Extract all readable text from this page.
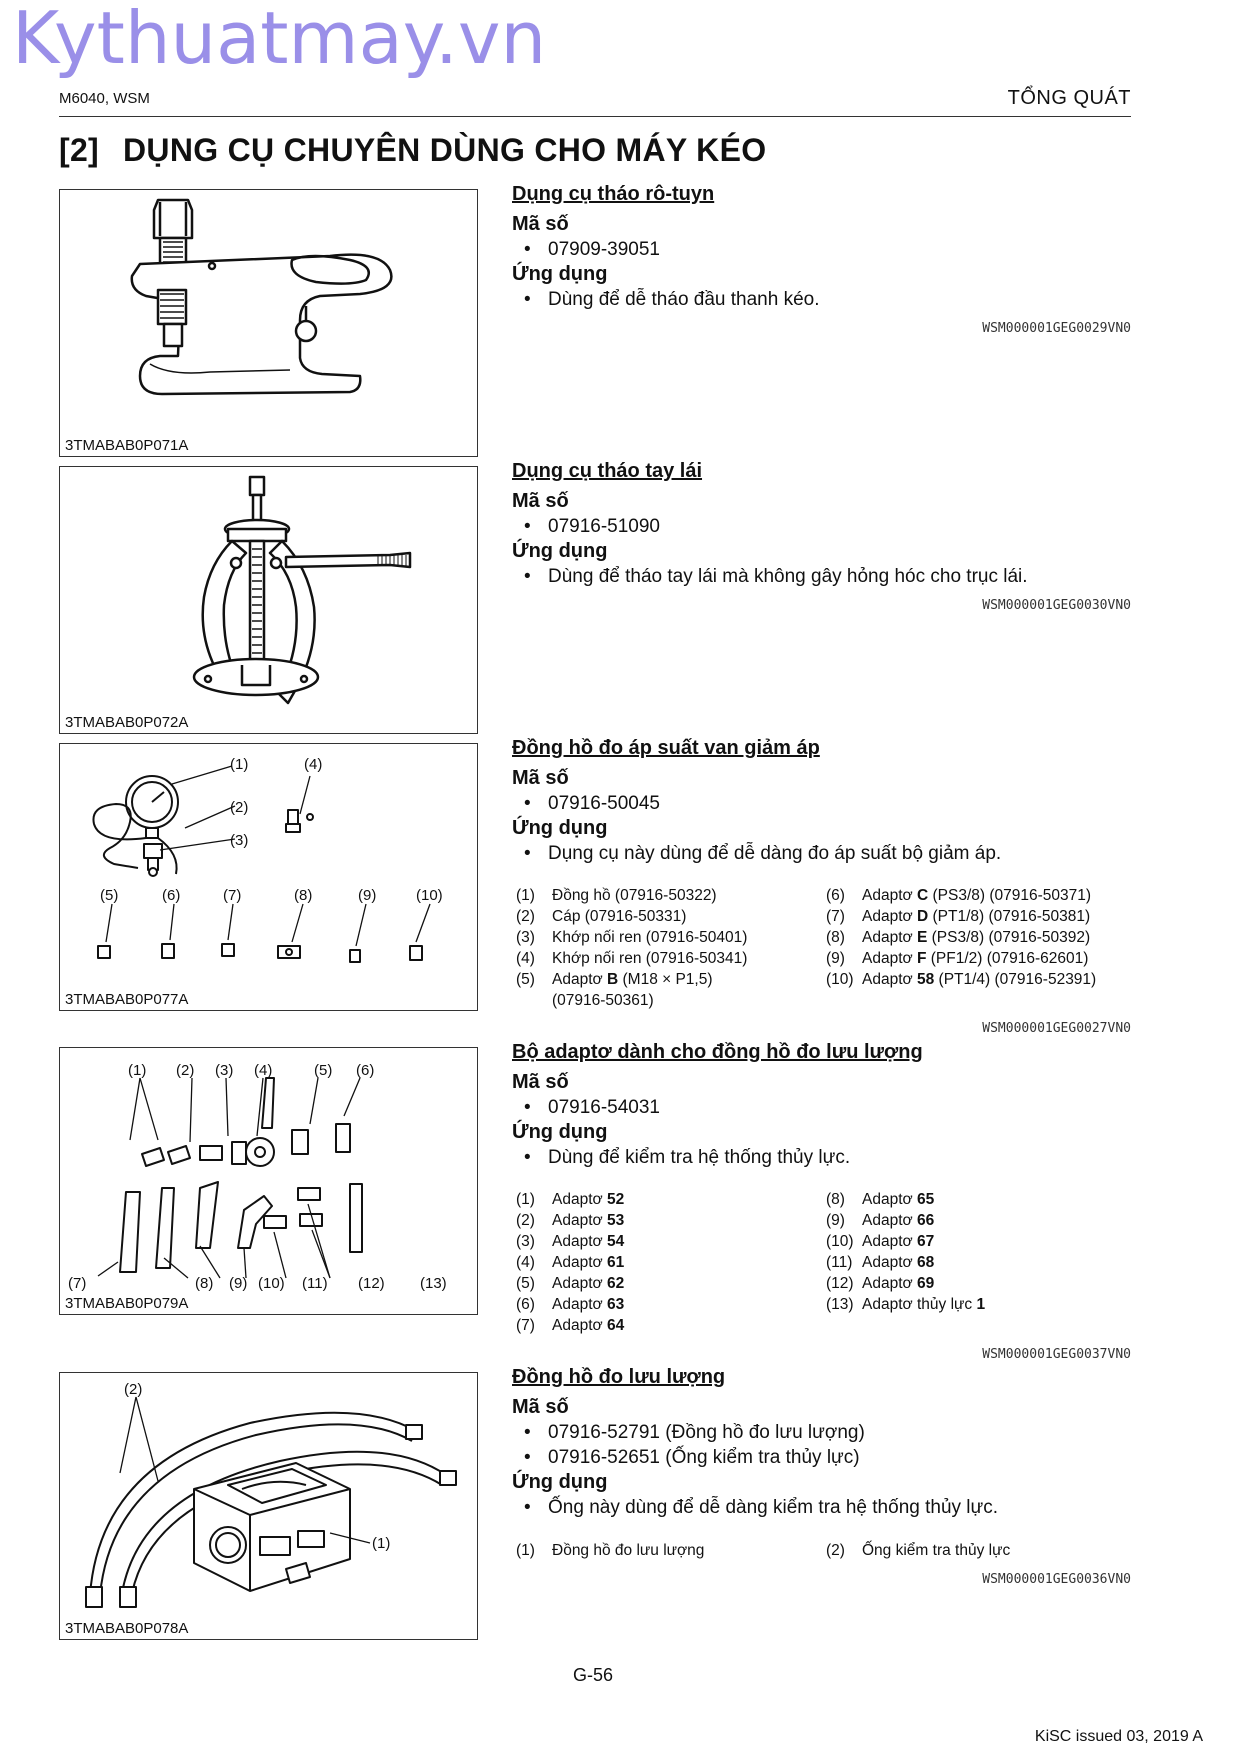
Kythuatmay.vn
M6040, WSM	TỔNG QUÁT
[2] DỤNG CỤ CHUYÊN DÙNG CHO MÁY KÉO
3TMABAB0P071A

Dụng cụ tháo rô-tuyn

Mã số

• 07909-39051

Ứng dụng

• Dùng để dễ tháo đầu thanh kéo.

WSM000001GEG0029VN0
3TMABAB0P072A

Dụng cụ tháo tay lái

Mã số

• 07916-51090

Ứng dụng

• Dùng để tháo tay lái mà không gây hỏng hóc cho trục lái.

WSM000001GEG0030VN0
(1)	(4)
(2)
(3)
(5)	(6)	(7)	(8)	(9)	(10)
3TMABAB0P077A

Đồng hồ đo áp suất van giảm áp

Mã số

• 07916-50045

Ứng dụng

• Dụng cụ này dùng để dễ dàng đo áp suất bộ giảm áp.

(1) Đồng hồ (07916-50322)
(2) Cáp (07916-50331)
(3) Khớp nối ren (07916-50401)
(4) Khớp nối ren (07916-50341)
(5) Adaptơ B (M18 × P1,5)
(07916-50361)
(6) Adaptơ C (PS3/8) (07916-50371)
(7) Adaptơ D (PT1/8) (07916-50381)
(8) Adaptơ E (PS3/8) (07916-50392)
(9) Adaptơ F (PF1/2) (07916-62601)
(10) Adaptơ 58 (PT1/4) (07916-52391)
WSM000001GEG0027VN0
(1) (2) (3) (4)	(5) (6)
(7)	(8) (9) (10) (11) (12) (13)
3TMABAB0P079A

Bộ adaptơ dành cho đồng hồ đo lưu lượng

Mã số

• 07916-54031

Ứng dụng

• Dùng để kiểm tra hệ thống thủy lực.

(1) Adaptơ 52
(2) Adaptơ 53
(3) Adaptơ 54
(4) Adaptơ 61
(5) Adaptơ 62
(6) Adaptơ 63
(7) Adaptơ 64
(8) Adaptơ 65
(9) Adaptơ 66
(10) Adaptơ 67
(11) Adaptơ 68
(12) Adaptơ 69
(13) Adaptơ thủy lực 1
WSM000001GEG0037VN0
(2)
(1)
3TMABAB0P078A

Đồng hồ đo lưu lượng

Mã số

• 07916-52791 (Đồng hồ đo lưu lượng)

• 07916-52651 (Ống kiểm tra thủy lực)

Ứng dụng

• Ống này dùng để dễ dàng kiểm tra hệ thống thủy lực.

(1) Đồng hồ đo lưu lượng	(2) Ống kiểm tra thủy lực
WSM000001GEG0036VN0
G-56
KiSC issued 03, 2019 A
